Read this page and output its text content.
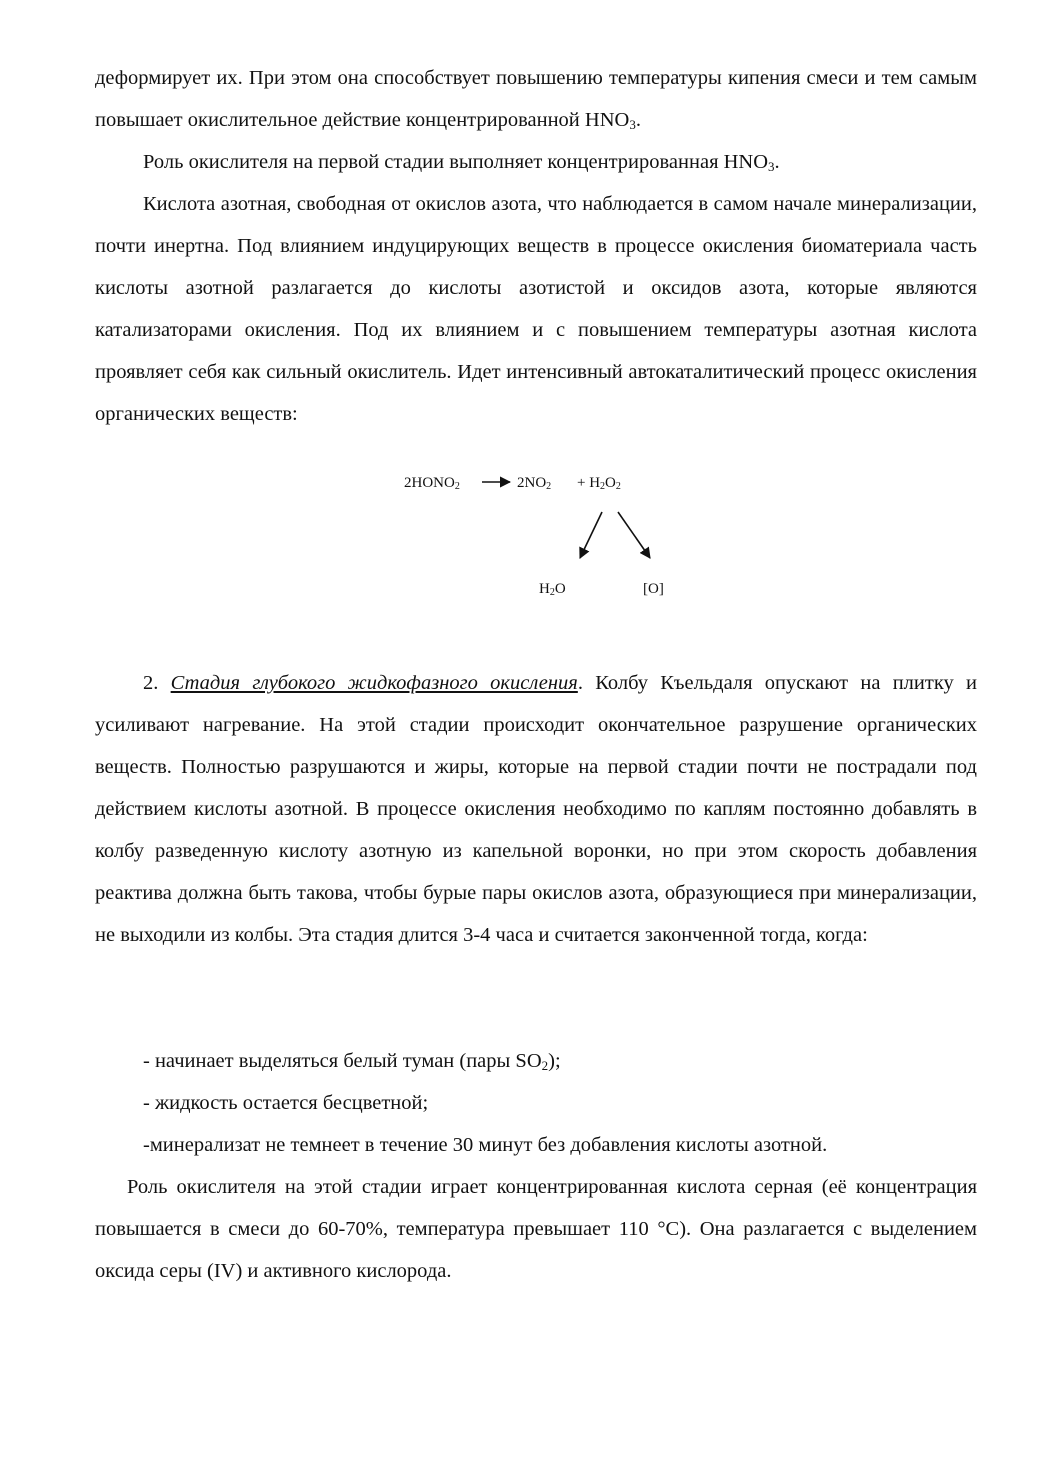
деформирует их. При этом она способствует повышению температуры кипения смеси и тем самым повышает окислительное действие концентрированной $HNO_3$.

Роль окислителя на первой стадии выполняет концентрированная $HNO_3$.

Кислота азотная, свободная от окислов азота, что наблюдается в самом начале минерализации, почти инертна. Под влиянием индуцирующих веществ в процессе окисления биоматериала часть кислоты азотной разлагается до кислоты азотистой и оксидов азота, которые являются катализаторами окисления. Под их влиянием и с повышением температуры азотная кислота проявляет себя как сильный окислитель. Идет интенсивный автокаталитический процесс окисления органических веществ:

$2HONO_2$	$2NO_2 + H_2O_2$
$H_2O$	[O]

2. Стадия глубокого жидкофазного окисления. Колбу Къельдаля опускают на плитку и усиливают нагревание. На этой стадии происходит окончательное разрушение органических веществ. Полностью разрушаются и жиры, которые на первой стадии почти не пострадали под действием кислоты азотной. В процессе окисления необходимо по каплям постоянно добавлять в колбу разведенную кислоту азотную из капельной воронки, но при этом скорость добавления реактива должна быть такова, чтобы бурые пары окислов азота, образующиеся при минерализации, не выходили из колбы. Эта стадия длится 3-4 часа и считается законченной тогда, когда:

- начинает выделяться белый туман (пары $SO_2$);
- жидкость остается бесцветной;
-минерализат не темнеет в течение 30 минут без добавления кислоты азотной.

Роль окислителя на этой стадии играет концентрированная кислота серная (её концентрация повышается в смеси до 60-70%, температура превышает 110 °С). Она разлагается с выделением оксида серы (IV) и активного кислорода.
